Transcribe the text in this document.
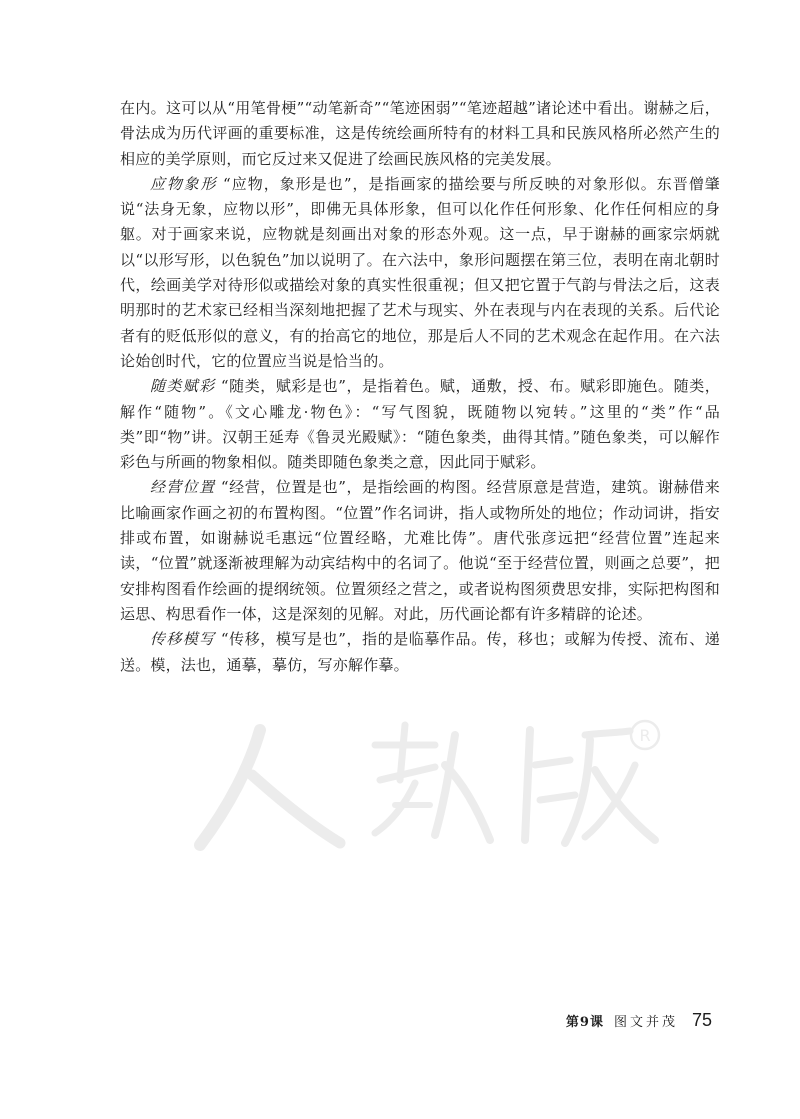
在内。这可以从“用笔骨梗”“动笔新奇”“笔迹困弱”“笔迹超越”诸论述中看出。谢赫之后，骨法成为历代评画的重要标准，这是传统绘画所特有的材料工具和民族风格所必然产生的相应的美学原则，而它反过来又促进了绘画民族风格的完美发展。

应物象形 “应物，象形是也”，是指画家的描绘要与所反映的对象形似。东晋僧肇说“法身无象，应物以形”，即佛无具体形象，但可以化作任何形象、化作任何相应的身躯。对于画家来说，应物就是刻画出对象的形态外观。这一点，早于谢赫的画家宗炳就以“以形写形，以色貌色”加以说明了。在六法中，象形问题摆在第三位，表明在南北朝时代，绘画美学对待形似或描绘对象的真实性很重视；但又把它置于气韵与骨法之后，这表明那时的艺术家已经相当深刻地把握了艺术与现实、外在表现与内在表现的关系。后代论者有的贬低形似的意义，有的抬高它的地位，那是后人不同的艺术观念在起作用。在六法论始创时代，它的位置应当说是恰当的。

随类赋彩 “随类，赋彩是也”，是指着色。赋，通敷，授、布。赋彩即施色。随类，解作“随物”。《文心雕龙·物色》：“写气图貌，既随物以宛转。”这里的“类”作“品类”即“物”讲。汉朝王延寿《鲁灵光殿赋》：“随色象类，曲得其情。”随色象类，可以解作彩色与所画的物象相似。随类即随色象类之意，因此同于赋彩。

经营位置 “经营，位置是也”，是指绘画的构图。经营原意是营造，建筑。谢赫借来比喻画家作画之初的布置构图。“位置”作名词讲，指人或物所处的地位；作动词讲，指安排或布置，如谢赫说毛惠远“位置经略，尤难比俦”。唐代张彦远把“经营位置”连起来读，“位置”就逐渐被理解为动宾结构中的名词了。他说“至于经营位置，则画之总要”，把安排构图看作绘画的提纲统领。位置须经之营之，或者说构图须费思安排，实际把构图和运思、构思看作一体，这是深刻的见解。对此，历代画论都有许多精辟的论述。

传移模写 “传移，模写是也”，指的是临摹作品。传，移也；或解为传授、流布、递送。模，法也，通摹，摹仿，写亦解作摹。

R
第9课 图文并茂 75
